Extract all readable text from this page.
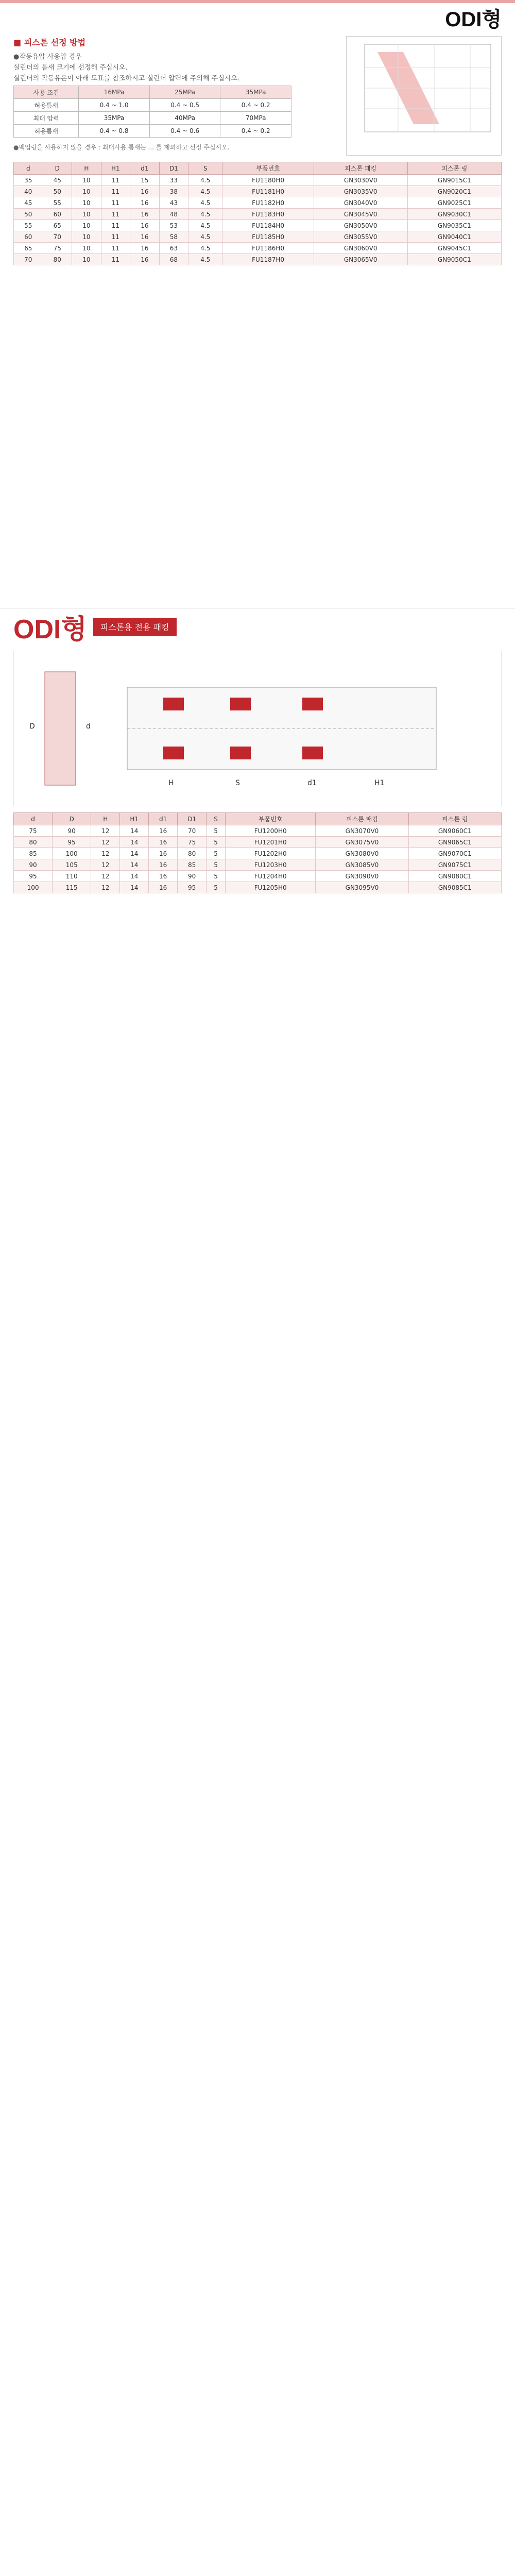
ODI형
■ 피스톤 선정 방법

●작동유압 사용압 경우

실린더의 틈새 크기에 선정해 주십시오.

실린더의 작동유온이 아래 도표를 참조하시고 실린더 압력에 주의해 주십시오.

사용 조건	16MPa	25MPa	35MPa
허용틈새	0.4 ~ 1.0	0.4 ~ 0.5	0.4 ~ 0.2
최대 압력	35MPa	40MPa	70MPa
허용틈새	0.4 ~ 0.8	0.4 ~ 0.6	0.4 ~ 0.2
●백업링을 사용하지 않을 경우 : 최대사용 틈새는 ... 를 제외하고 선정 주십시오.
d	D	H	H1	d1	D1	S	부품번호	피스톤 패킹	피스톤 링
35	45	10	11	15	33	4.5	FU1180H0	GN3030V0	GN9015C1
40	50	10	11	16	38	4.5	FU1181H0	GN3035V0	GN9020C1
45	55	10	11	16	43	4.5	FU1182H0	GN3040V0	GN9025C1
50	60	10	11	16	48	4.5	FU1183H0	GN3045V0	GN9030C1
55	65	10	11	16	53	4.5	FU1184H0	GN3050V0	GN9035C1
60	70	10	11	16	58	4.5	FU1185H0	GN3055V0	GN9040C1
65	75	10	11	16	63	4.5	FU1186H0	GN3060V0	GN9045C1
70	80	10	11	16	68	4.5	FU1187H0	GN3065V0	GN9050C1
ODI형	피스톤용 전용 패킹
D	d
H	S	d1	H1
d	D	H	H1	d1	D1	S	부품번호	피스톤 패킹	피스톤 링
75	90	12	14	16	70	5	FU1200H0	GN3070V0	GN9060C1
80	95	12	14	16	75	5	FU1201H0	GN3075V0	GN9065C1
85	100	12	14	16	80	5	FU1202H0	GN3080V0	GN9070C1
90	105	12	14	16	85	5	FU1203H0	GN3085V0	GN9075C1
95	110	12	14	16	90	5	FU1204H0	GN3090V0	GN9080C1
100	115	12	14	16	95	5	FU1205H0	GN3095V0	GN9085C1
